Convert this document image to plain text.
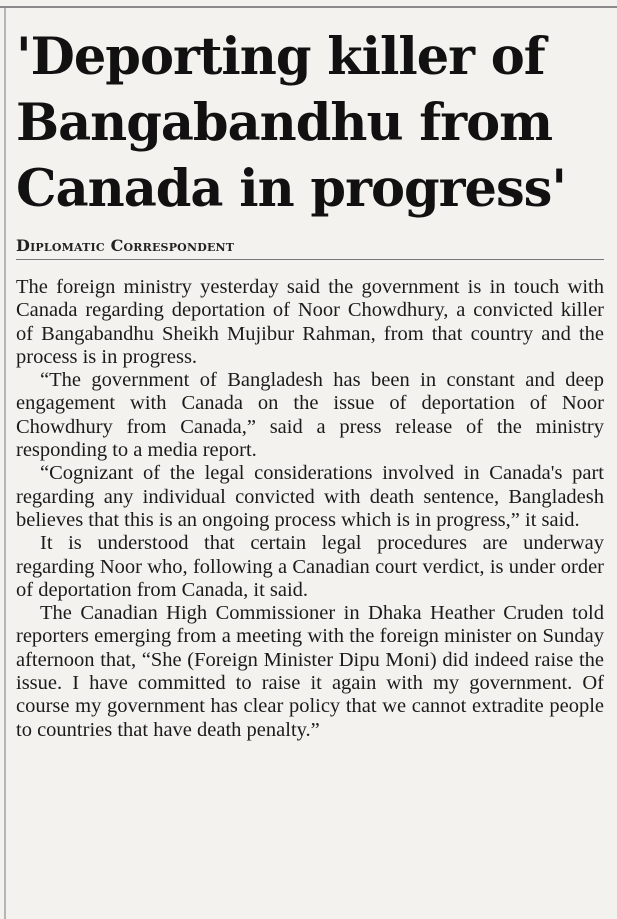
'Deporting killer of Bangabandhu from Canada in progress'
Diplomatic Correspondent

The foreign ministry yesterday said the government is in touch with Canada regarding deportation of Noor Chowdhury, a convicted killer of Bangabandhu Sheikh Mujibur Rahman, from that country and the process is in progress.

“The government of Bangladesh has been in constant and deep engagement with Canada on the issue of deportation of Noor Chowdhury from Canada,” said a press release of the ministry responding to a media report.

“Cognizant of the legal considerations involved in Canada's part regarding any individual convicted with death sentence, Bangladesh believes that this is an ongoing process which is in progress,” it said.

It is understood that certain legal procedures are underway regarding Noor who, following a Canadian court verdict, is under order of deportation from Canada, it said.

The Canadian High Commissioner in Dhaka Heather Cruden told reporters emerging from a meeting with the foreign minister on Sunday afternoon that, “She (Foreign Minister Dipu Moni) did indeed raise the issue. I have committed to raise it again with my government. Of course my government has clear policy that we cannot extradite people to countries that have death penalty.”
